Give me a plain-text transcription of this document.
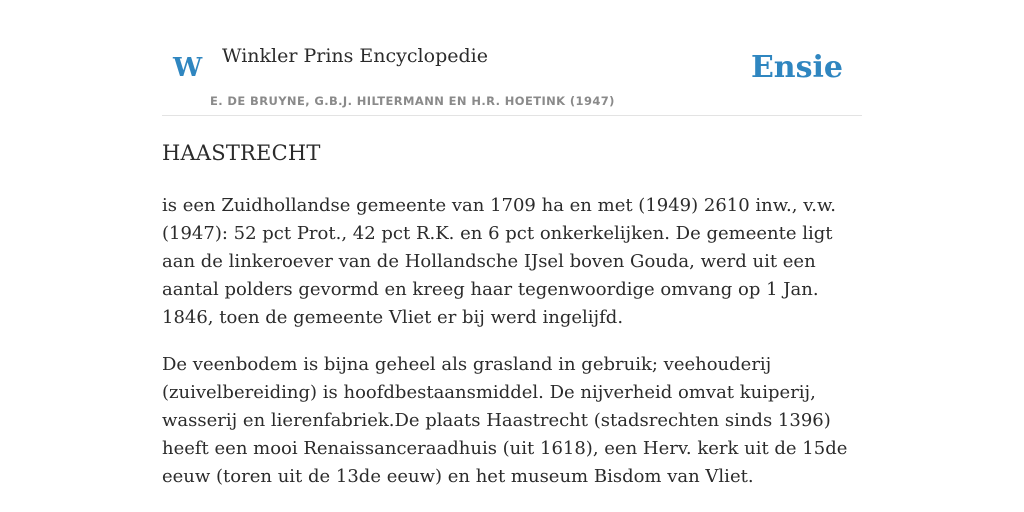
W Winkler Prins Encyclopedie
E. DE BRUYNE, G.B.J. HILTERMANN EN H.R. HOETINK (1947)
Ensie
HAASTRECHT

is een Zuidhollandse gemeente van 1709 ha en met (1949) 2610 inw., v.w. (1947): 52 pct Prot., 42 pct R.K. en 6 pct onkerkelijken. De gemeente ligt aan de linkeroever van de Hollandsche IJsel boven Gouda, werd uit een aantal polders gevormd en kreeg haar tegenwoordige omvang op 1 Jan. 1846, toen de gemeente Vliet er bij werd ingelijfd.

De veenbodem is bijna geheel als grasland in gebruik; veehouderij (zuivelbereiding) is hoofdbestaansmiddel. De nijverheid omvat kuiperij, wasserij en lierenfabriek.De plaats Haastrecht (stadsrechten sinds 1396) heeft een mooi Renaissanceraadhuis (uit 1618), een Herv. kerk uit de 15de eeuw (toren uit de 13de eeuw) en het museum Bisdom van Vliet.
